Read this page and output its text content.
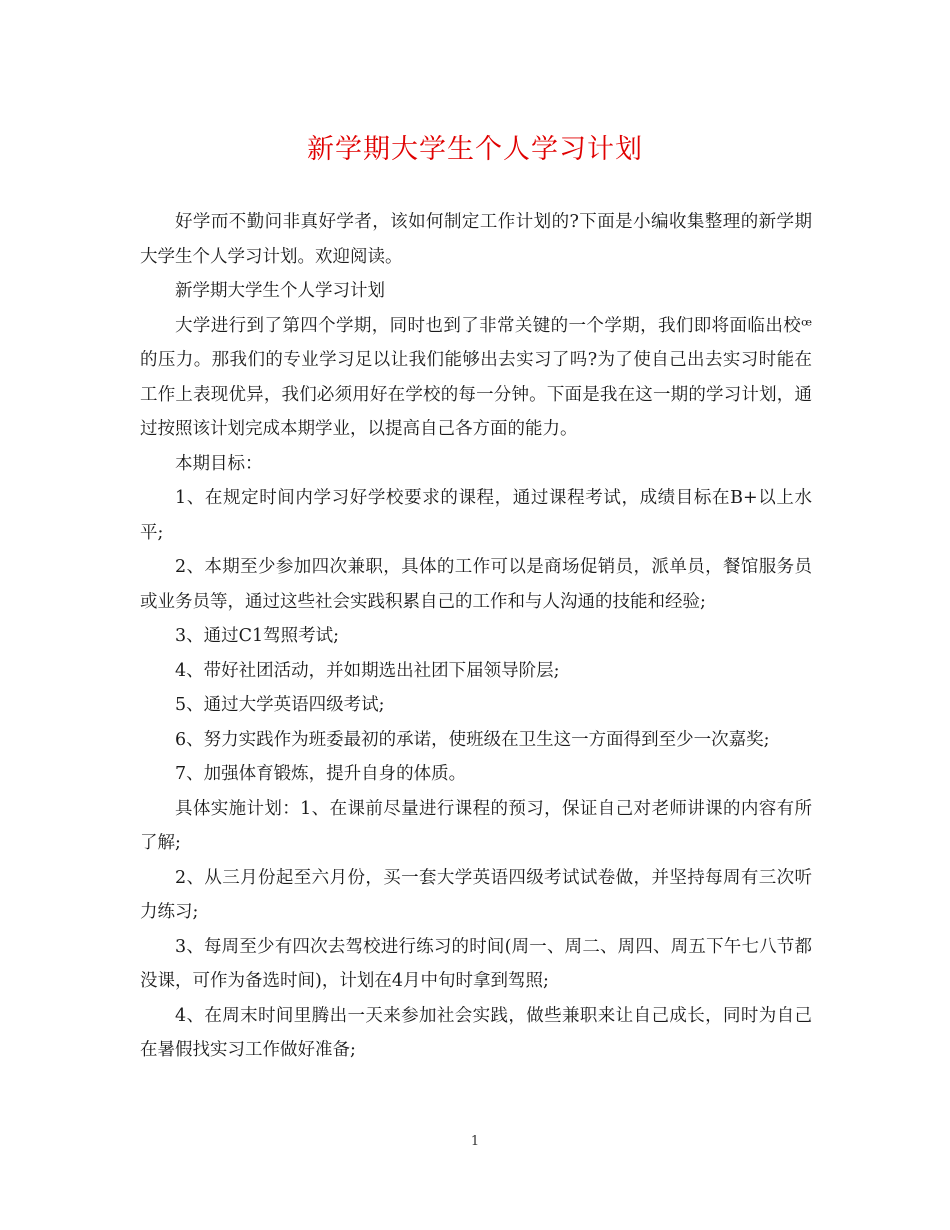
新学期大学生个人学习计划

好学而不勤问非真好学者，该如何制定工作计划的?下面是小编收集整理的新学期大学生个人学习计划。欢迎阅读。

新学期大学生个人学习计划

大学进行到了第四个学期，同时也到了非常关键的一个学期，我们即将面临出校ꟹ的压力。那我们的专业学习足以让我们能够出去实习了吗?为了使自己出去实习时能在工作上表现优异，我们必须用好在学校的每一分钟。下面是我在这一期的学习计划，通过按照该计划完成本期学业，以提高自己各方面的能力。

本期目标：

1、在规定时间内学习好学校要求的课程，通过课程考试，成绩目标在B+以上水平;

2、本期至少参加四次兼职，具体的工作可以是商场促销员，派单员，餐馆服务员或业务员等，通过这些社会实践积累自己的工作和与人沟通的技能和经验;

3、通过C1驾照考试;

4、带好社团活动，并如期选出社团下届领导阶层;

5、通过大学英语四级考试;

6、努力实践作为班委最初的承诺，使班级在卫生这一方面得到至少一次嘉奖;

7、加强体育锻炼，提升自身的体质。

具体实施计划：1、在课前尽量进行课程的预习，保证自己对老师讲课的内容有所了解;

2、从三月份起至六月份，买一套大学英语四级考试试卷做，并坚持每周有三次听力练习;

3、每周至少有四次去驾校进行练习的时间(周一、周二、周四、周五下午七八节都没课，可作为备选时间)，计划在4月中旬时拿到驾照;

4、在周末时间里腾出一天来参加社会实践，做些兼职来让自己成长，同时为自己在暑假找实习工作做好准备;

1
